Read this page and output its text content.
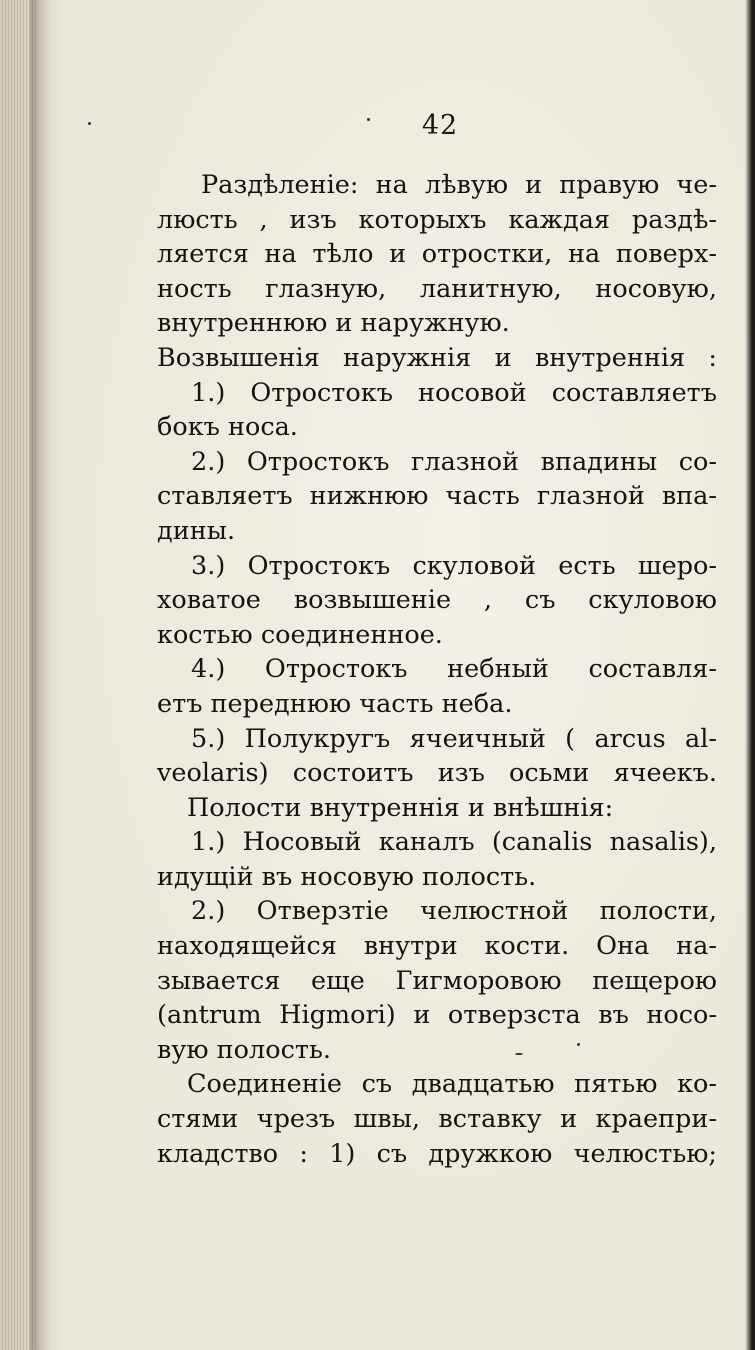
42
Раздѣленіе: на лѣвую и правую че-
люсть , изъ которыхъ каждая раздѣ-
ляется на тѣло и отростки, на поверх-
ность глазную, ланитную, носовую,
внутреннюю и наружную.
Возвышенія наружнія и внутреннія :
1.) Отростокъ носовой составляетъ
бокъ носа.
2.) Отростокъ глазной впадины со-
ставляетъ нижнюю часть глазной впа-
дины.
3.) Отростокъ скуловой есть шеро-
ховатое возвышеніе , съ скуловою
костью соединенное.
4.) Отростокъ небный составля-
етъ переднюю часть неба.
5.) Полукругъ ячеичный ( arcus al-
veolaris) состоитъ изъ осьми ячеекъ.
Полости внутреннія и внѣшнія:
1.) Носовый каналъ (canalis nasalis),
идущій въ носовую полость.
2.) Отверзтіе челюстной полости,
находящейся внутри кости. Она на-
зывается еще Гигморовою пещерою
(antrum Higmori) и отверзста въ носо-
вую полость.
Соединеніе съ двадцатью пятью ко-
стями чрезъ швы, вставку и краепри-
кладство : 1) съ дружкою челюстью;
